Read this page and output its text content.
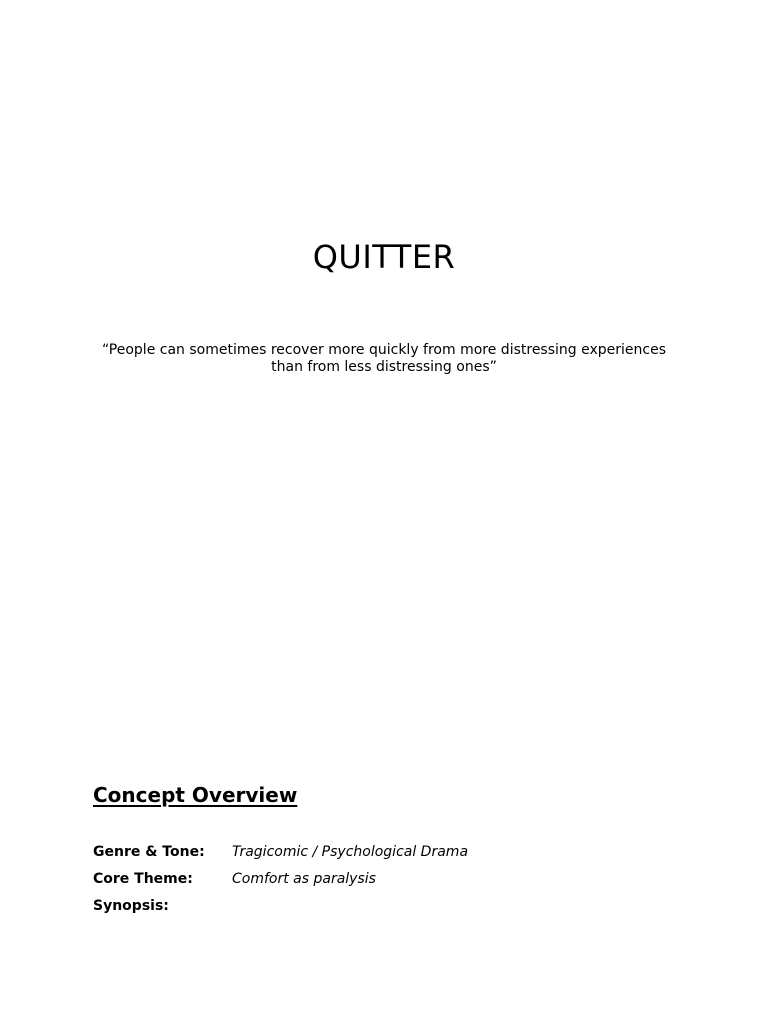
QUITTER

“People can sometimes recover more quickly from more distressing experiences than from less distressing ones”

Concept Overview
Genre & Tone:	Tragicomic / Psychological Drama
Core Theme:	Comfort as paralysis
Synopsis:
